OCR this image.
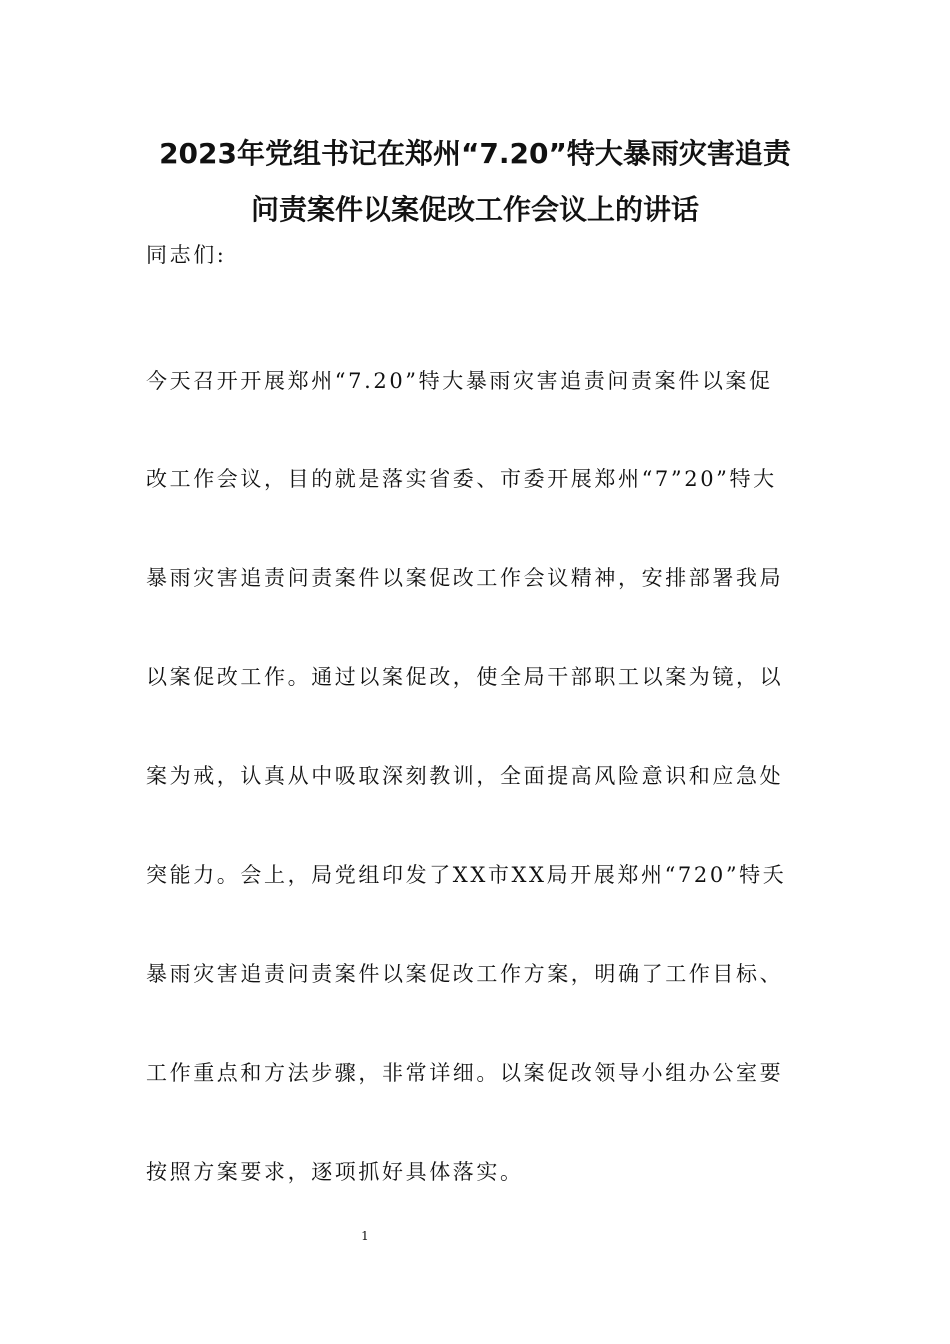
2023年党组书记在郑州“7.20”特大暴雨灾害追责
问责案件以案促改工作会议上的讲话
同志们:
今天召开开展郑州“7.20”特大暴雨灾害追责问责案件以案促
改工作会议，目的就是落实省委、市委开展郑州“7”20”特大
暴雨灾害追责问责案件以案促改工作会议精神，安排部署我局
以案促改工作。通过以案促改，使全局干部职工以案为镜，以
案为戒，认真从中吸取深刻教训，全面提高风险意识和应急处
突能力。会上，局党组印发了XX市XX局开展郑州“720”特夭
暴雨灾害追责问责案件以案促改工作方案，明确了工作目标、
工作重点和方法步骤，非常详细。以案促改领导小组办公室要
按照方案要求，逐项抓好具体落实。
1
